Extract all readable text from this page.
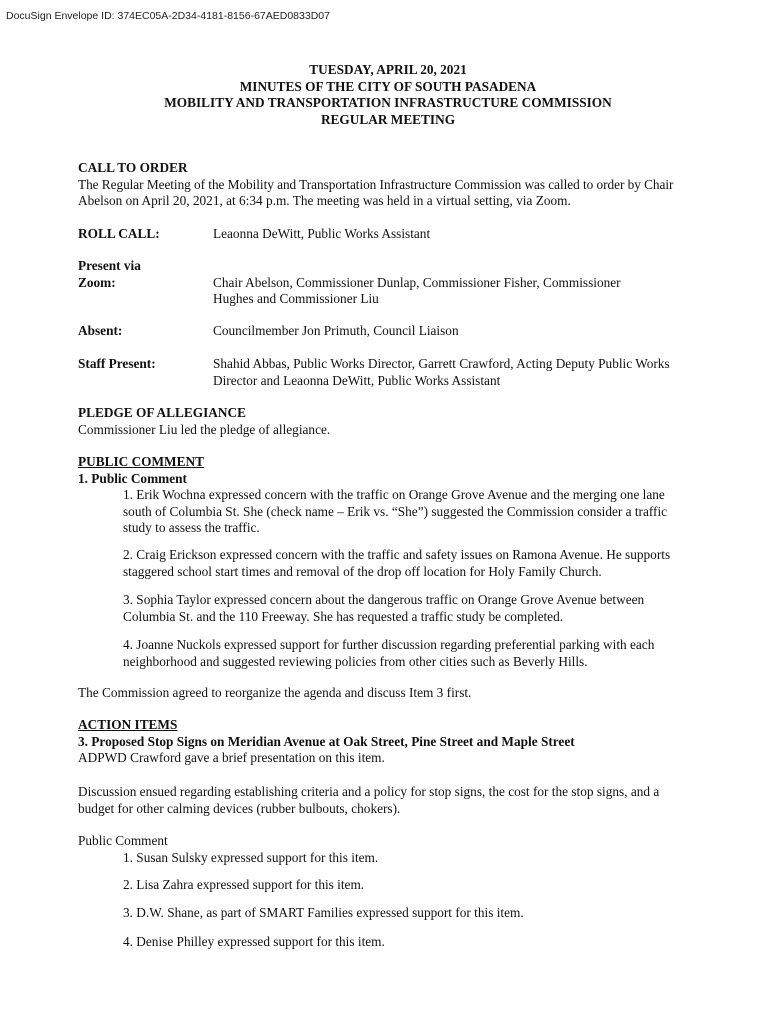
DocuSign Envelope ID: 374EC05A-2D34-4181-8156-67AED0833D07
TUESDAY, APRIL 20, 2021
MINUTES OF THE CITY OF SOUTH PASADENA
MOBILITY AND TRANSPORTATION INFRASTRUCTURE COMMISSION
REGULAR MEETING
CALL TO ORDER
The Regular Meeting of the Mobility and Transportation Infrastructure Commission was called to order by Chair
Abelson on April 20, 2021, at 6:34 p.m. The meeting was held in a virtual setting, via Zoom.
ROLL CALL:	Leaonna DeWitt, Public Works Assistant
Present via
Zoom:	Chair Abelson, Commissioner Dunlap, Commissioner Fisher, Commissioner
Hughes and Commissioner Liu
Absent:	Councilmember Jon Primuth, Council Liaison
Staff Present:	Shahid Abbas, Public Works Director, Garrett Crawford, Acting Deputy Public Works
Director and Leaonna DeWitt, Public Works Assistant
PLEDGE OF ALLEGIANCE
Commissioner Liu led the pledge of allegiance.
PUBLIC COMMENT
1. Public Comment
1. Erik Wochna expressed concern with the traffic on Orange Grove Avenue and the merging one lane
south of Columbia St. She (check name – Erik vs. “She”) suggested the Commission consider a traffic
study to assess the traffic.
2. Craig Erickson expressed concern with the traffic and safety issues on Ramona Avenue. He supports
staggered school start times and removal of the drop off location for Holy Family Church.
3. Sophia Taylor expressed concern about the dangerous traffic on Orange Grove Avenue between
Columbia St. and the 110 Freeway. She has requested a traffic study be completed.
4. Joanne Nuckols expressed support for further discussion regarding preferential parking with each
neighborhood and suggested reviewing policies from other cities such as Beverly Hills.
The Commission agreed to reorganize the agenda and discuss Item 3 first.
ACTION ITEMS
3. Proposed Stop Signs on Meridian Avenue at Oak Street, Pine Street and Maple Street
ADPWD Crawford gave a brief presentation on this item.
Discussion ensued regarding establishing criteria and a policy for stop signs, the cost for the stop signs, and a
budget for other calming devices (rubber bulbouts, chokers).
Public Comment
1. Susan Sulsky expressed support for this item.
2. Lisa Zahra expressed support for this item.
3. D.W. Shane, as part of SMART Families expressed support for this item.
4. Denise Philley expressed support for this item.
